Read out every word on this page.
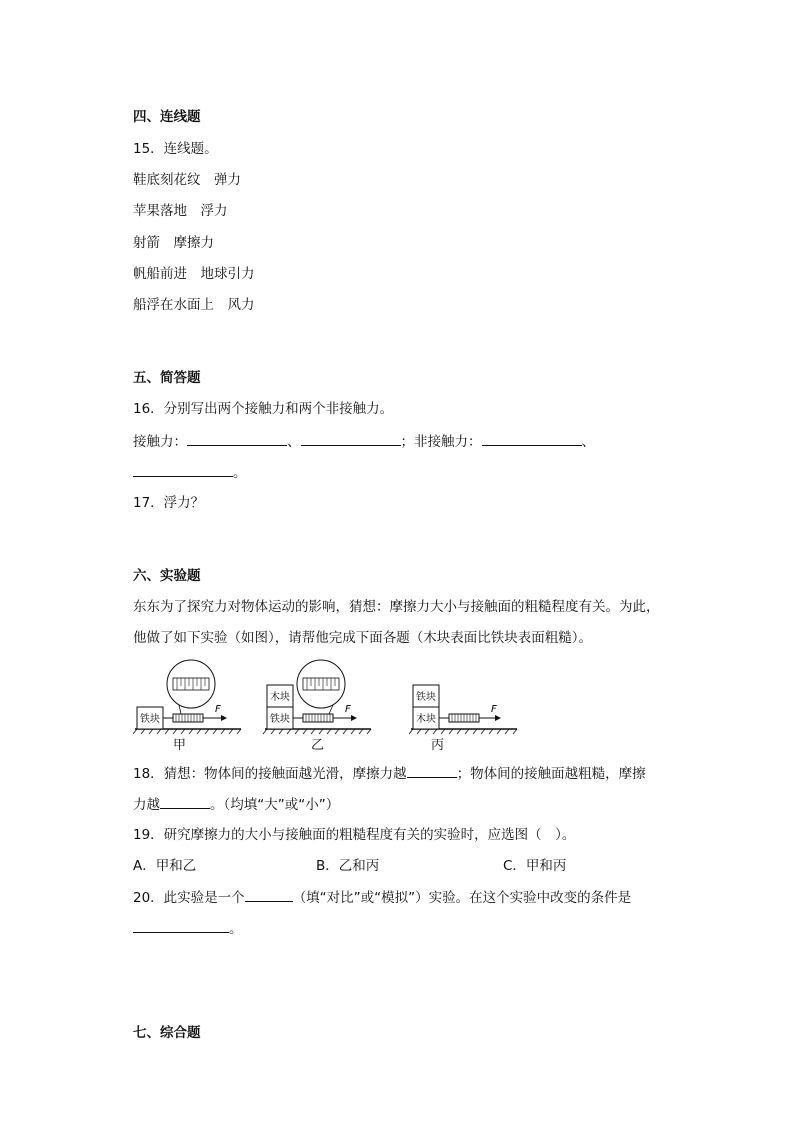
四、连线题
15．连线题。
鞋底刻花纹　 弹力
苹果落地　 浮力
射箭　 摩擦力
帆船前进　 地球引力
船浮在水面上　 风力
五、简答题
16．分别写出两个接触力和两个非接触力。
接触力：	、	；非接触力：	、
。
17．浮力？
六、实验题
东东为了探究力对物体运动的影响，猜想：摩擦力大小与接触面的粗糙程度有关。为此，
他做了如下实验（如图），请帮他完成下面各题（木块表面比铁块表面粗糙）。
铁块
F
木块
铁块
F
铁块
木块
F
甲	乙	丙
18．猜想：物体间的接触面越光滑，摩擦力越	；物体间的接触面越粗糙，摩擦
力越	。（均填“大”或“小”）
19．研究摩擦力的大小与接触面的粗糙程度有关的实验时，应选图（　）。
A．甲和乙	B．乙和丙	C．甲和丙
20．此实验是一个	（填“对比”或“模拟”）实验。在这个实验中改变的条件是
。
七、综合题
